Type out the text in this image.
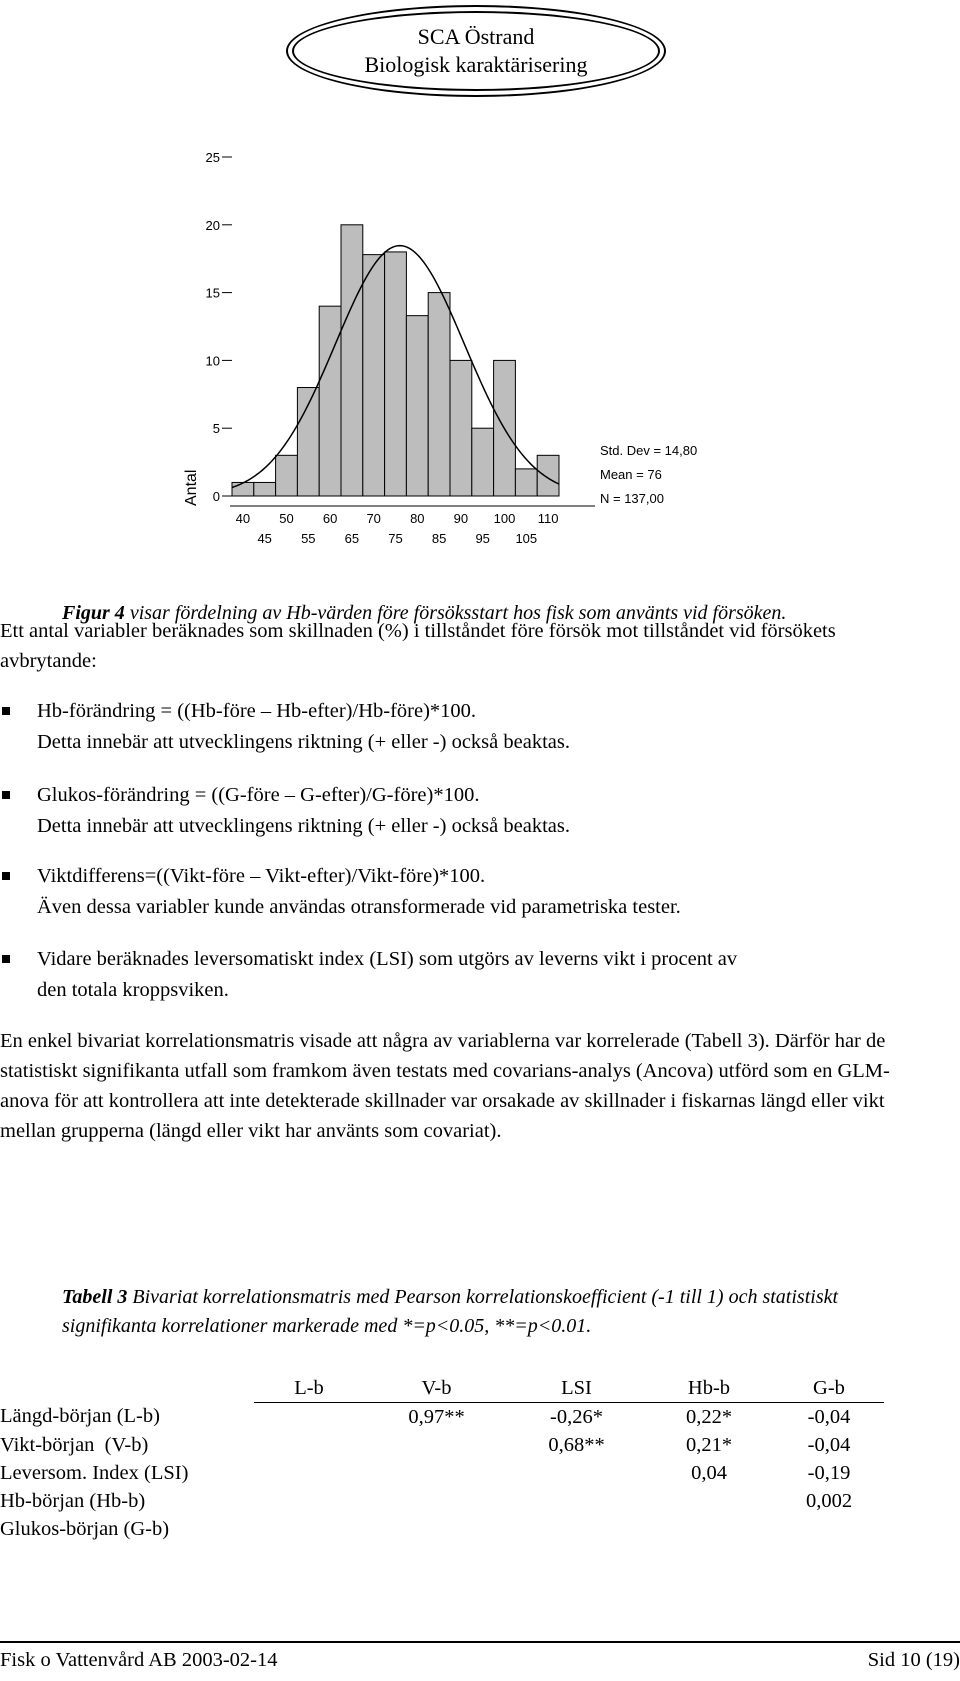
SCA Östrand
Biologisk karaktärisering
0
5
10
15
20
25
40 50 60 70 80 90 100 110
45 55 65 75 85 95 105
Std. Dev = 14,80
Mean = 76
N = 137,00
Antal
Figur 4 visar fördelning av Hb-värden före försöksstart hos fisk som använts vid försöken.
Ett antal variabler beräknades som skillnaden (%) i tillståndet före försök mot tillståndet vid försökets avbrytande:
Hb-förändring = ((Hb-före – Hb-efter)/Hb-före)*100.
Detta innebär att utvecklingens riktning (+ eller -) också beaktas.
Glukos-förändring = ((G-före – G-efter)/G-före)*100.
Detta innebär att utvecklingens riktning (+ eller -) också beaktas.
Viktdifferens=((Vikt-före – Vikt-efter)/Vikt-före)*100.
Även dessa variabler kunde användas otransformerade vid parametriska tester.
Vidare beräknades leversomatiskt index (LSI) som utgörs av leverns vikt i procent av
den totala kroppsviken.
En enkel bivariat korrelationsmatris visade att några av variablerna var korrelerade (Tabell 3). Därför har de statistiskt signifikanta utfall som framkom även testats med covarians-analys (Ancova) utförd som en GLM-anova för att kontrollera att inte detekterade skillnader var orsakade av skillnader i fiskarnas längd eller vikt mellan grupperna (längd eller vikt har använts som covariat).
Tabell 3 Bivariat korrelationsmatris med Pearson korrelationskoefficient (-1 till 1) och statistiskt signifikanta korrelationer markerade med *=p<0.05, **=p<0.01.
	L-b	V-b	LSI	Hb-b	G-b
Längd-början (L-b)		0,97**	-0,26*	0,22*	-0,04
Vikt-början  (V-b)			0,68**	0,21*	-0,04
Leversom. Index (LSI)				0,04	-0,19
Hb-början (Hb-b)					0,002
Glukos-början (G-b)					
Fisk o Vattenvård AB 2003-02-14	Sid 10 (19)
